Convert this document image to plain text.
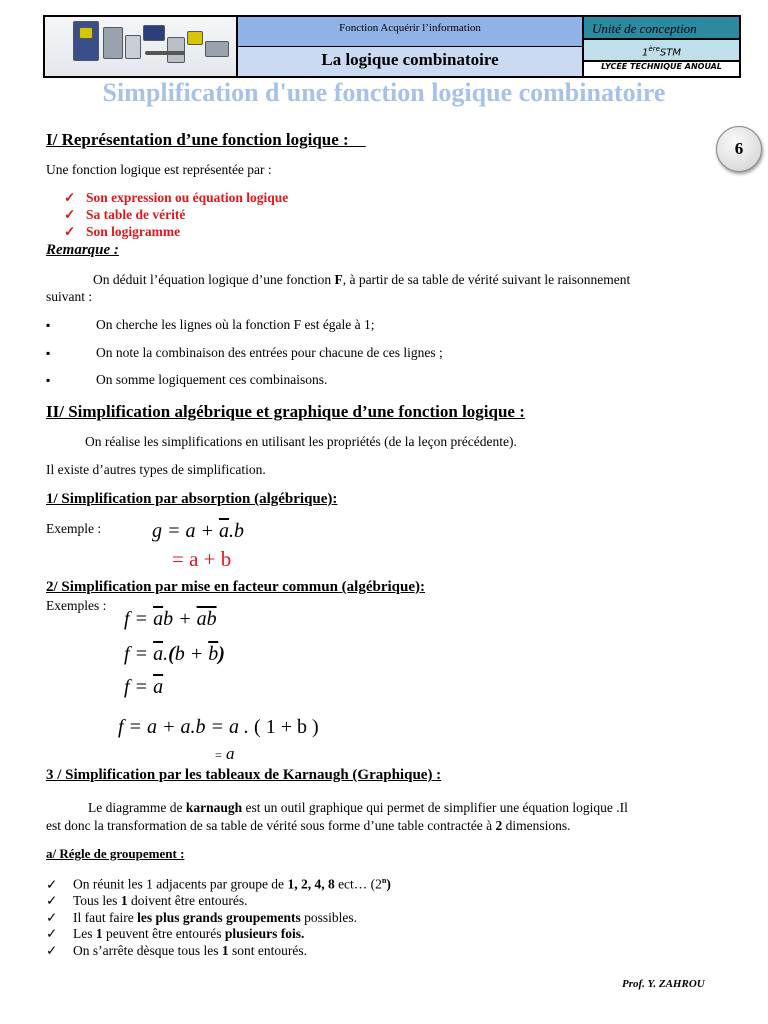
Fonction Acquérir l’information
La logique combinatoire
Unité de conception
1èreSTM
LYCÉE TECHNIQUE ANOUAL
Simplification d'une fonction logique combinatoire
6
I/ Représentation d’une fonction logique :
Une fonction logique est représentée par :
✓ Son expression ou équation logique
✓ Sa table de vérité
✓ Son logigramme
Remarque :
On déduit l’équation logique d’une fonction F, à partir de sa table de vérité suivant le raisonnement
suivant :
▪	On cherche les lignes où la fonction F est égale à 1;
▪	On note la combinaison des entrées pour chacune de ces lignes ;
▪	On somme logiquement ces combinaisons.
II/ Simplification algébrique et graphique d’une fonction logique :
On réalise les simplifications en utilisant les propriétés (de la leçon précédente).
Il existe d’autres types de simplification.
1/ Simplification par absorption (algébrique):
Exemple :	$g = a + \overline{a}.b$
= a + b
2/ Simplification par mise en facteur commun (algébrique):
Exemples :
$f = \overline{a}b + \overline{ab}$
$f = \overline{a}.(b + \overline{b})$
$f = \overline{a}$
f = a + a.b = a . ( 1 + b )
= a
3 / Simplification par les tableaux de Karnaugh (Graphique) :
Le diagramme de karnaugh est un outil graphique qui permet de simplifier une équation logique .Il
est donc la transformation de sa table de vérité sous forme d’une table contractée à 2 dimensions.
a/ Régle de groupement :
✓ On réunit les 1 adjacents par groupe de 1, 2, 4, 8 ect… (2$^n$)
✓ Tous les 1 doivent être entourés.
✓ Il faut faire les plus grands groupements possibles.
✓ Les 1 peuvent être entourés plusieurs fois.
✓ On s’arrête dèsque tous les 1 sont entourés.
Prof. Y. ZAHROU
